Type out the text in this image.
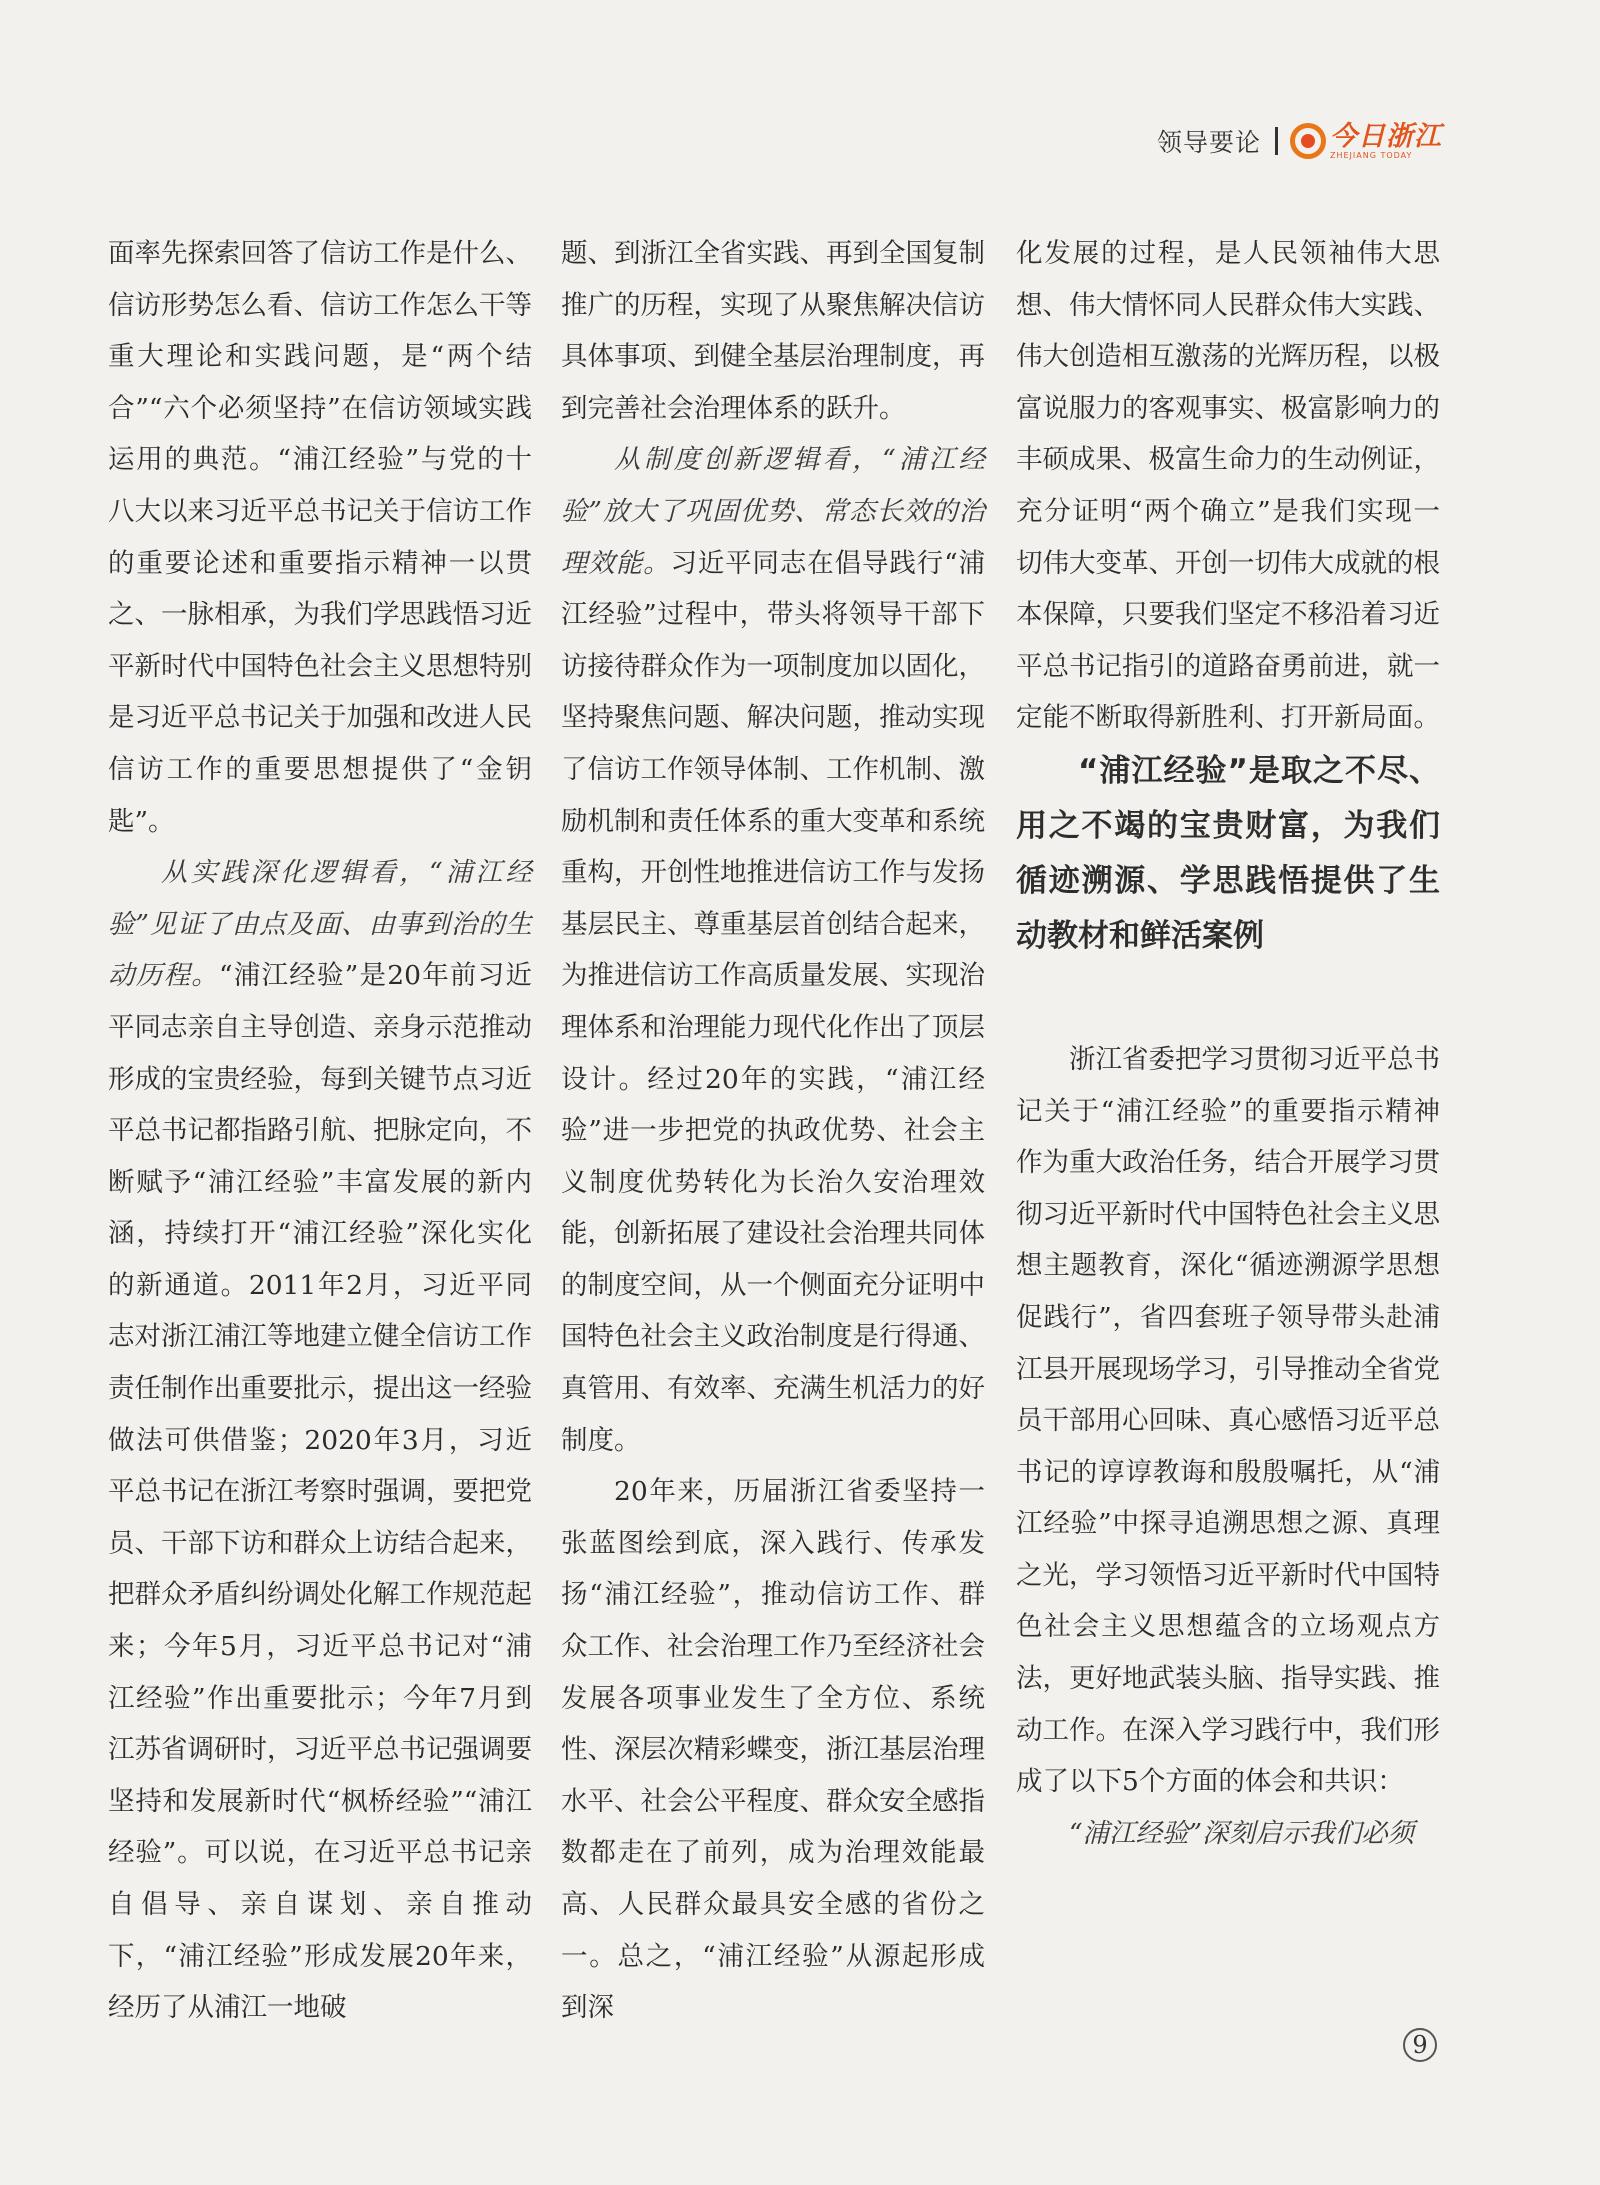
领导要论	今日浙江
ZHEJIANG TODAY

面率先探索回答了信访工作是什么、信访形势怎么看、信访工作怎么干等重大理论和实践问题，是“两个结合”“六个必须坚持”在信访领域实践运用的典范。“浦江经验”与党的十八大以来习近平总书记关于信访工作的重要论述和重要指示精神一以贯之、一脉相承，为我们学思践悟习近平新时代中国特色社会主义思想特别是习近平总书记关于加强和改进人民信访工作的重要思想提供了“金钥匙”。

从实践深化逻辑看，“浦江经验”见证了由点及面、由事到治的生动历程。“浦江经验”是20年前习近平同志亲自主导创造、亲身示范推动形成的宝贵经验，每到关键节点习近平总书记都指路引航、把脉定向，不断赋予“浦江经验”丰富发展的新内涵，持续打开“浦江经验”深化实化的新通道。2011年2月，习近平同志对浙江浦江等地建立健全信访工作责任制作出重要批示，提出这一经验做法可供借鉴；2020年3月，习近平总书记在浙江考察时强调，要把党员、干部下访和群众上访结合起来，把群众矛盾纠纷调处化解工作规范起来；今年5月，习近平总书记对“浦江经验”作出重要批示；今年7月到江苏省调研时，习近平总书记强调要坚持和发展新时代“枫桥经验”“浦江经验”。可以说，在习近平总书记亲自倡导、亲自谋划、亲自推动下，“浦江经验”形成发展20年来，经历了从浦江一地破

题、到浙江全省实践、再到全国复制推广的历程，实现了从聚焦解决信访具体事项、到健全基层治理制度，再到完善社会治理体系的跃升。

从制度创新逻辑看，“浦江经验”放大了巩固优势、常态长效的治理效能。习近平同志在倡导践行“浦江经验”过程中，带头将领导干部下访接待群众作为一项制度加以固化，坚持聚焦问题、解决问题，推动实现了信访工作领导体制、工作机制、激励机制和责任体系的重大变革和系统重构，开创性地推进信访工作与发扬基层民主、尊重基层首创结合起来，为推进信访工作高质量发展、实现治理体系和治理能力现代化作出了顶层设计。经过20年的实践，“浦江经验”进一步把党的执政优势、社会主义制度优势转化为长治久安治理效能，创新拓展了建设社会治理共同体的制度空间，从一个侧面充分证明中国特色社会主义政治制度是行得通、真管用、有效率、充满生机活力的好制度。

20年来，历届浙江省委坚持一张蓝图绘到底，深入践行、传承发扬“浦江经验”，推动信访工作、群众工作、社会治理工作乃至经济社会发展各项事业发生了全方位、系统性、深层次精彩蝶变，浙江基层治理水平、社会公平程度、群众安全感指数都走在了前列，成为治理效能最高、人民群众最具安全感的省份之一。总之，“浦江经验”从源起形成到深

化发展的过程，是人民领袖伟大思想、伟大情怀同人民群众伟大实践、伟大创造相互激荡的光辉历程，以极富说服力的客观事实、极富影响力的丰硕成果、极富生命力的生动例证，充分证明“两个确立”是我们实现一切伟大变革、开创一切伟大成就的根本保障，只要我们坚定不移沿着习近平总书记指引的道路奋勇前进，就一定能不断取得新胜利、打开新局面。

“浦江经验”是取之不尽、用之不竭的宝贵财富，为我们循迹溯源、学思践悟提供了生动教材和鲜活案例

浙江省委把学习贯彻习近平总书记关于“浦江经验”的重要指示精神作为重大政治任务，结合开展学习贯彻习近平新时代中国特色社会主义思想主题教育，深化“循迹溯源学思想促践行”，省四套班子领导带头赴浦江县开展现场学习，引导推动全省党员干部用心回味、真心感悟习近平总书记的谆谆教诲和殷殷嘱托，从“浦江经验”中探寻追溯思想之源、真理之光，学习领悟习近平新时代中国特色社会主义思想蕴含的立场观点方法，更好地武装头脑、指导实践、推动工作。在深入学习践行中，我们形成了以下5个方面的体会和共识：

“浦江经验”深刻启示我们必须

9
